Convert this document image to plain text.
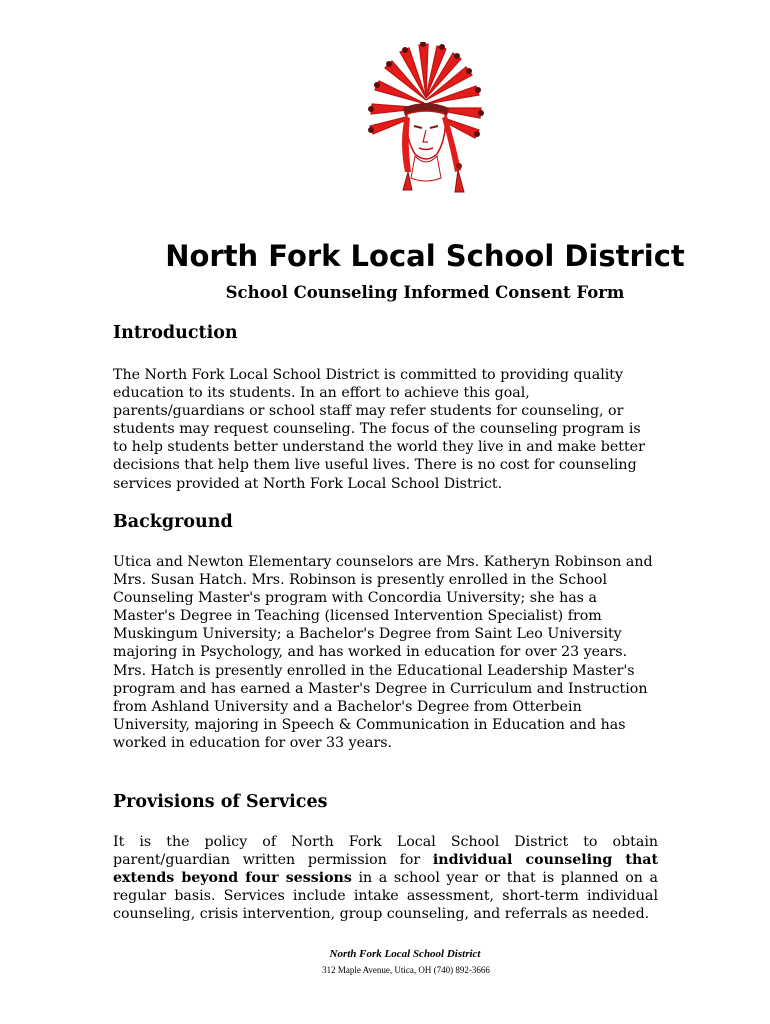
North Fork Local School District
School Counseling Informed Consent Form
Introduction

The North Fork Local School District is committed to providing quality education to its students. In an effort to achieve this goal, parents/guardians or school staff may refer students for counseling, or students may request counseling. The focus of the counseling program is to help students better understand the world they live in and make better decisions that help them live useful lives. There is no cost for counseling services provided at North Fork Local School District.

Background

Utica and Newton Elementary counselors are Mrs. Katheryn Robinson and Mrs. Susan Hatch. Mrs. Robinson is presently enrolled in the School Counseling Master's program with Concordia University; she has a Master's Degree in Teaching (licensed Intervention Specialist) from Muskingum University; a Bachelor's Degree from Saint Leo University majoring in Psychology, and has worked in education for over 23 years. Mrs. Hatch is presently enrolled in the Educational Leadership Master's program and has earned a Master's Degree in Curriculum and Instruction from Ashland University and a Bachelor's Degree from Otterbein University, majoring in Speech & Communication in Education and has worked in education for over 33 years.

Provisions of Services

It is the policy of North Fork Local School District to obtain parent/guardian written permission for individual counseling that extends beyond four sessions in a school year or that is planned on a regular basis. Services include intake assessment, short-term individual counseling, crisis intervention, group counseling, and referrals as needed.

North Fork Local School District
312 Maple Avenue, Utica, OH (740) 892-3666
